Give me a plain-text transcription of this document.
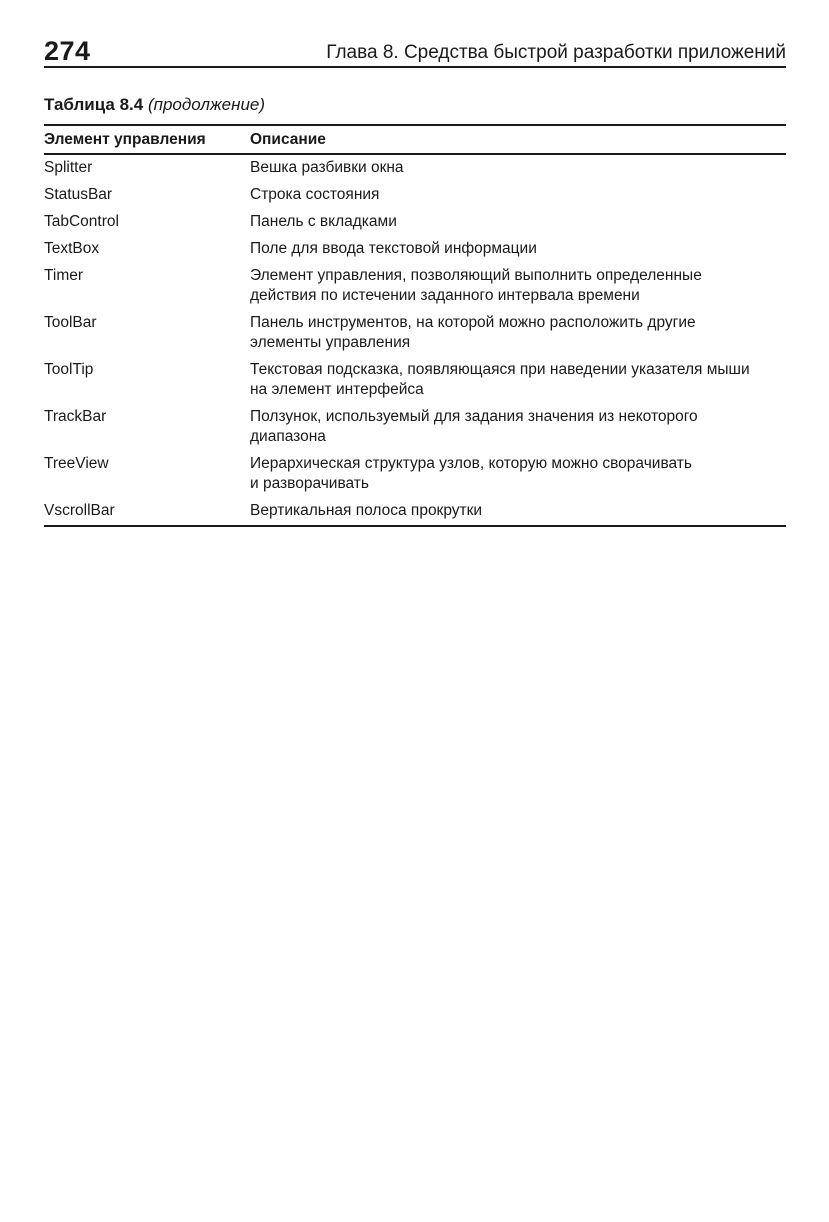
274	Глава 8. Средства быстрой разработки приложений
Таблица 8.4 (продолжение)
Элемент управления	Описание
Splitter	Вешка разбивки окна
StatusBar	Строка состояния
TabControl	Панель с вкладками
TextBox	Поле для ввода текстовой информации
Timer	Элемент управления, позволяющий выполнить определенные
действия по истечении заданного интервала времени
ToolBar	Панель инструментов, на которой можно расположить другие
элементы управления
ToolTip	Текстовая подсказка, появляющаяся при наведении указателя мыши
на элемент интерфейса
TrackBar	Ползунок, используемый для задания значения из некоторого
диапазона
TreeView	Иерархическая структура узлов, которую можно сворачивать
и разворачивать
VscrollBar	Вертикальная полоса прокрутки
